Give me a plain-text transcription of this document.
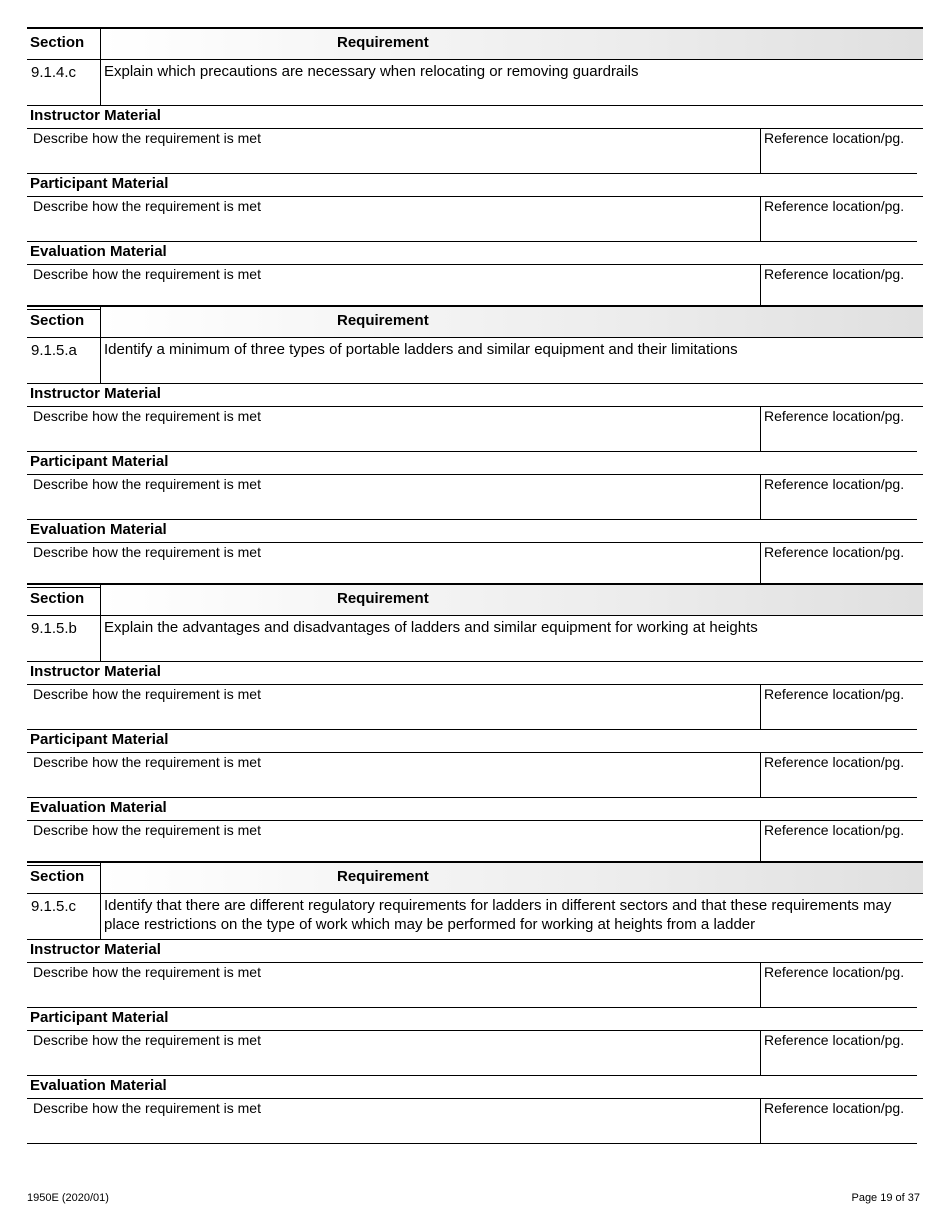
Section	Requirement
9.1.4.c	Explain which precautions are necessary when relocating or removing guardrails
Instructor Material
Describe how the requirement is met	Reference location/pg.
Participant Material
Describe how the requirement is met	Reference location/pg.
Evaluation Material
Describe how the requirement is met	Reference location/pg.
Section	Requirement
9.1.5.a	Identify a minimum of three types of portable ladders and similar equipment and their limitations
Instructor Material
Describe how the requirement is met	Reference location/pg.
Participant Material
Describe how the requirement is met	Reference location/pg.
Evaluation Material
Describe how the requirement is met	Reference location/pg.
Section	Requirement
9.1.5.b	Explain the advantages and disadvantages of ladders and similar equipment for working at heights
Instructor Material
Describe how the requirement is met	Reference location/pg.
Participant Material
Describe how the requirement is met	Reference location/pg.
Evaluation Material
Describe how the requirement is met	Reference location/pg.
Section	Requirement
9.1.5.c	Identify that there are different regulatory requirements for ladders in different sectors and that these requirements may place restrictions on the type of work which may be performed for working at heights from a ladder
Instructor Material
Describe how the requirement is met	Reference location/pg.
Participant Material
Describe how the requirement is met	Reference location/pg.
Evaluation Material
Describe how the requirement is met	Reference location/pg.
1950E (2020/01)	Page 19 of 37
